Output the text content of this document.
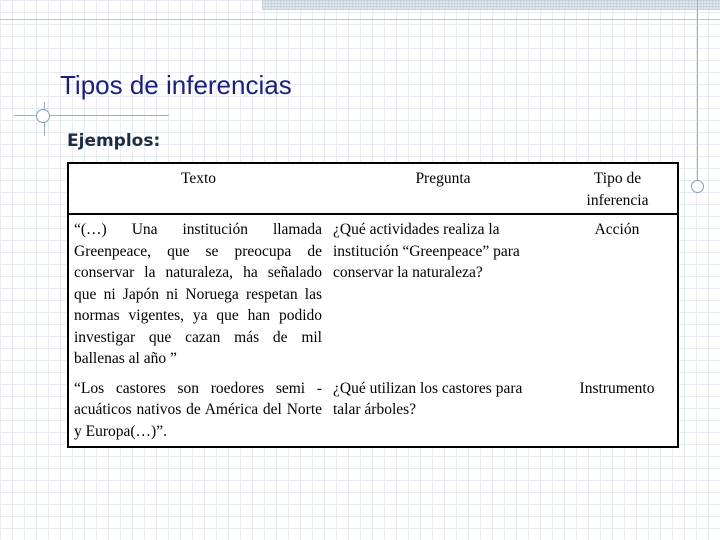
Tipos de inferencias
Ejemplos:
Texto	Pregunta	Tipo de inferencia
“(…) Una institución llamada Greenpeace, que se preocupa de conservar la naturaleza, ha señalado que ni Japón ni Noruega respetan las normas vigentes, ya que han podido investigar que cazan más de mil ballenas al año ”	¿Qué actividades realiza la institución “Greenpeace” para conservar la naturaleza?	Acción
“Los castores son roedores semi -acuáticos nativos de América del Norte y Europa(…)”.	¿Qué utilizan los castores para talar árboles?	Instrumento
